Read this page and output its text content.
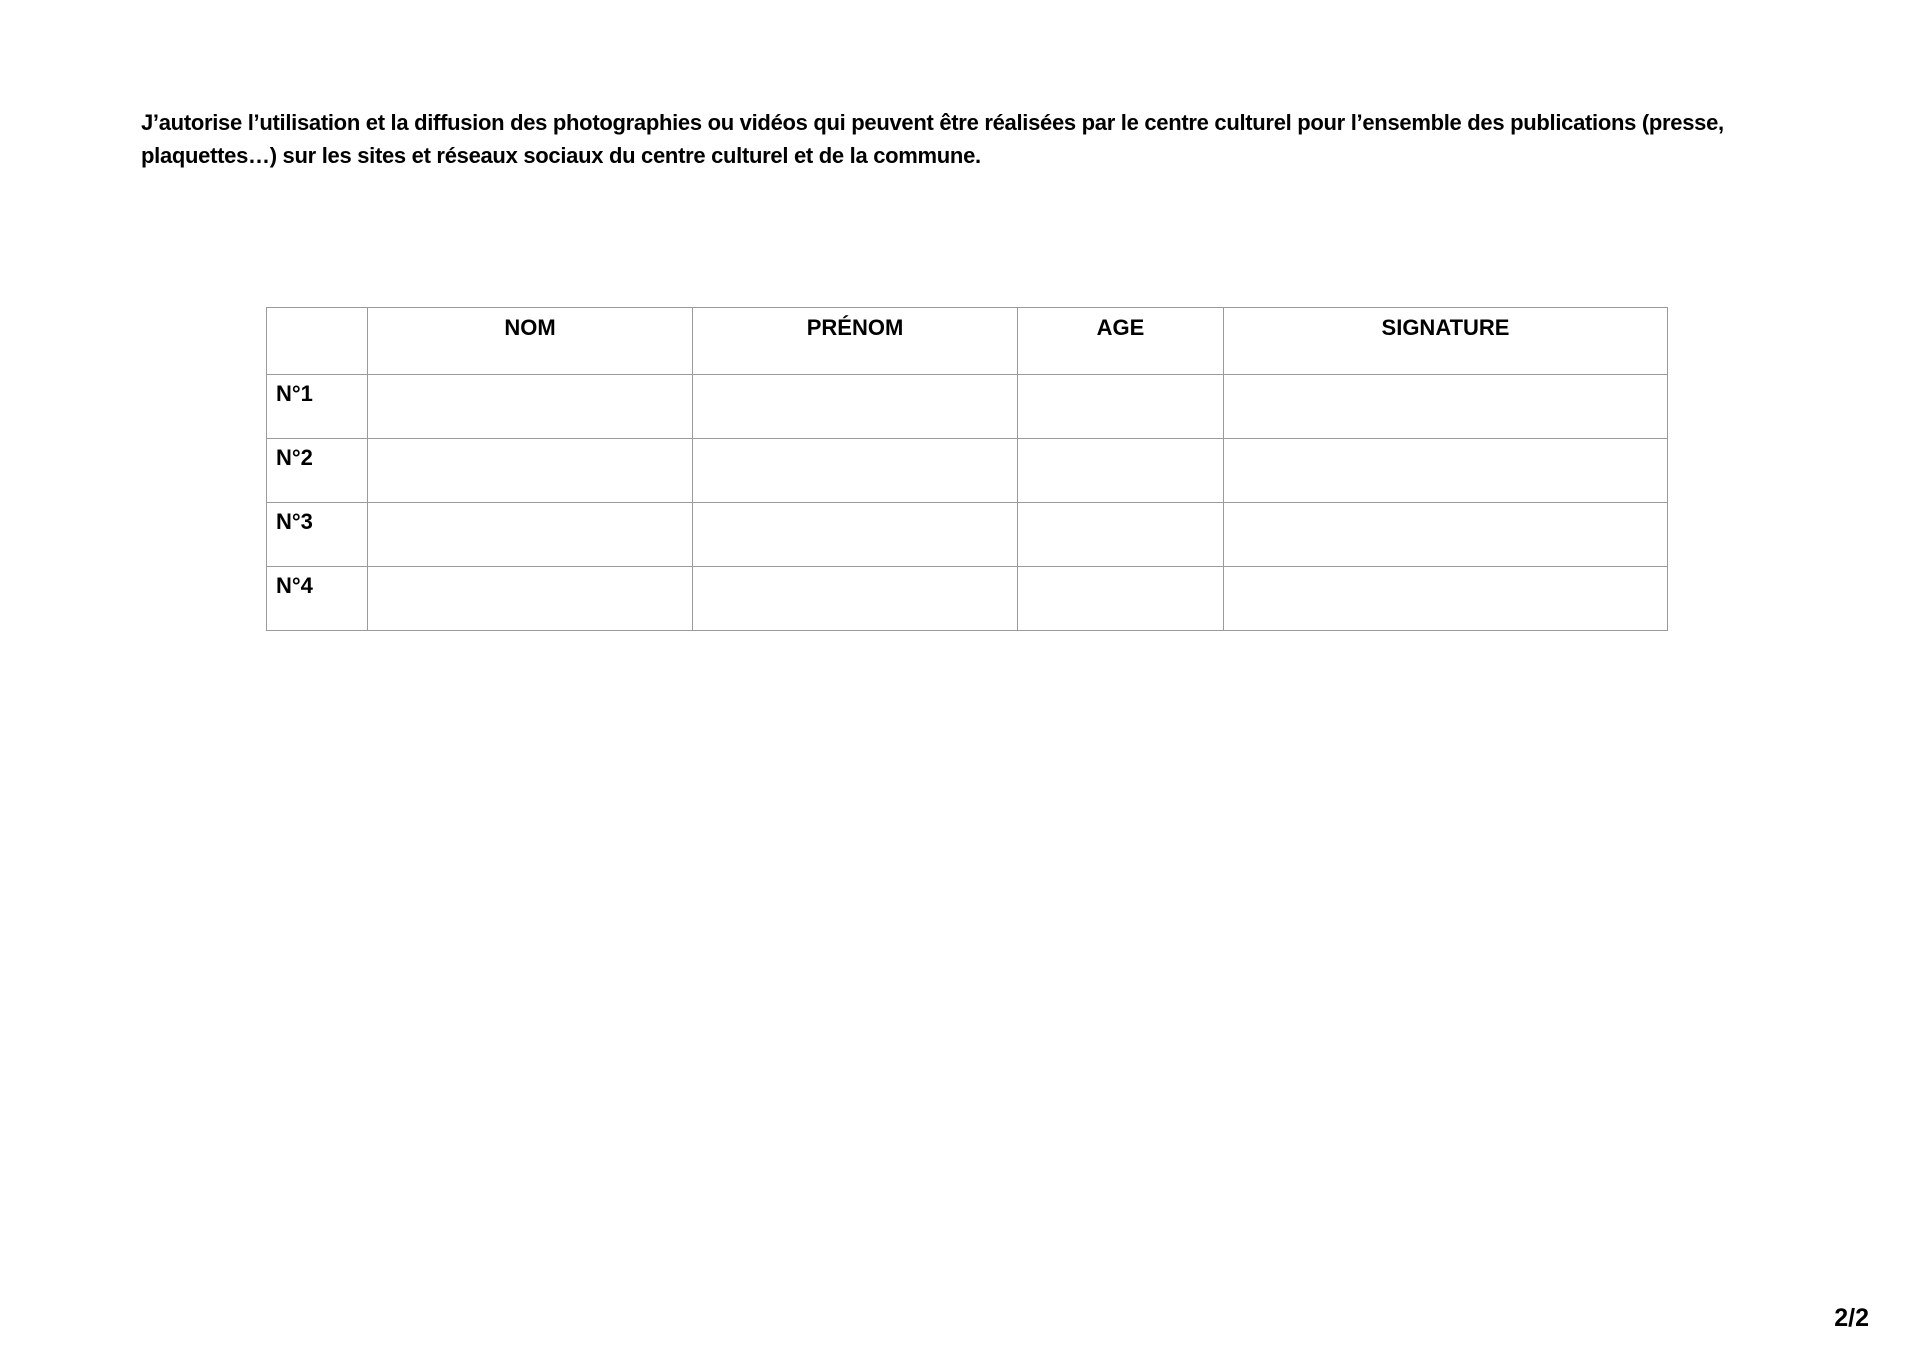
J’autorise l’utilisation et la diffusion des photographies ou vidéos qui peuvent être réalisées par le centre culturel pour l’ensemble des publications (presse, plaquettes…) sur les sites et réseaux sociaux du centre culturel et de la commune.

	NOM	PRÉNOM	AGE	SIGNATURE
N°1				
N°2				
N°3				
N°4				

2/2
